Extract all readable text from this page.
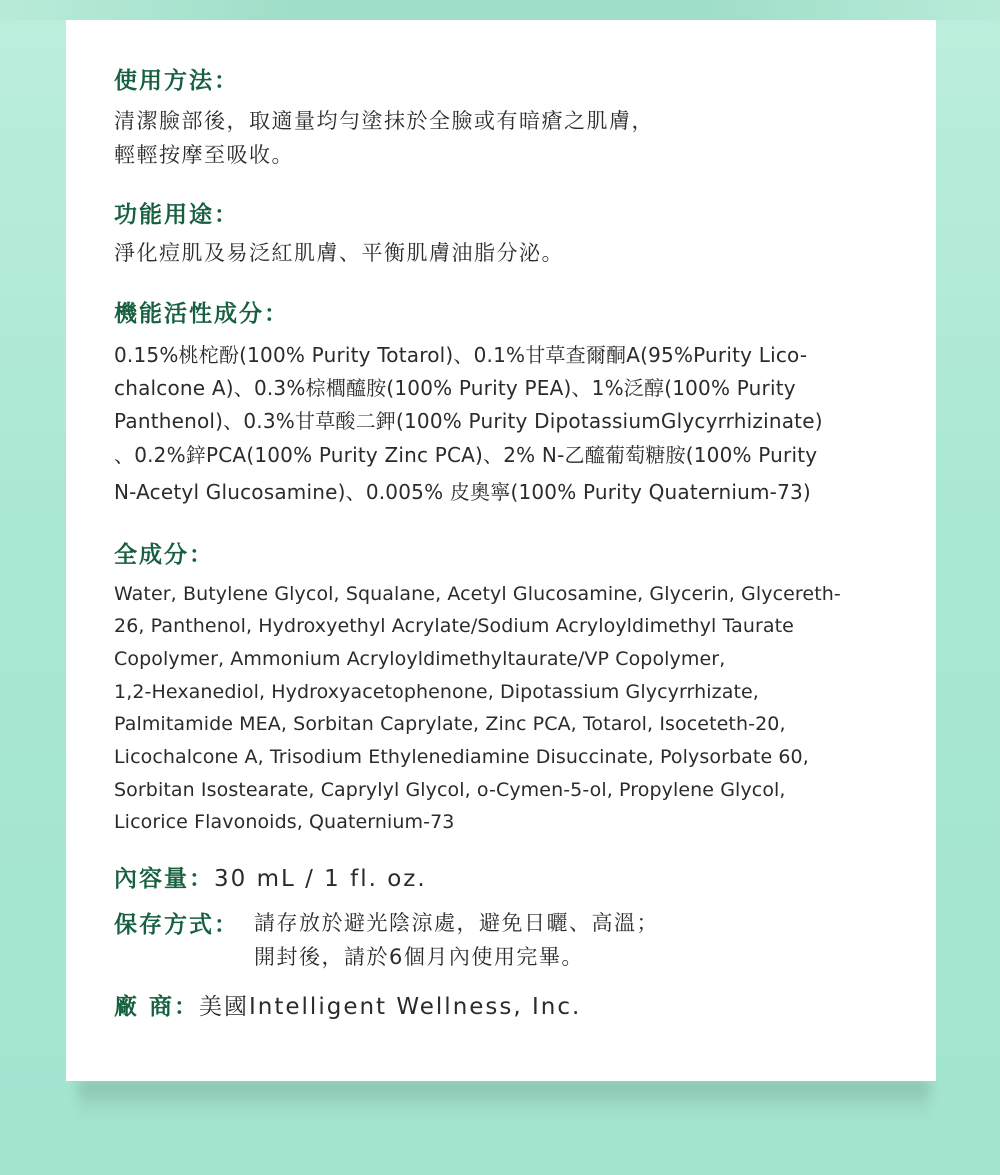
使用方法：
清潔臉部後，取適量均勻塗抹於全臉或有暗瘡之肌膚，
輕輕按摩至吸收。
功能用途：
淨化痘肌及易泛紅肌膚、平衡肌膚油脂分泌。
機能活性成分：
0.15%桃柁酚(100% Purity Totarol)、0.1%甘草查爾酮A(95%Purity Lico-
chalcone A)、0.3%棕櫚醯胺(100% Purity PEA)、1%泛醇(100% Purity
Panthenol)、0.3%甘草酸二鉀(100% Purity DipotassiumGlycyrrhizinate)
、0.2%鋅PCA(100% Purity Zinc PCA)、2% N-乙醯葡萄糖胺(100% Purity
N-Acetyl Glucosamine)、0.005% 皮奧寧(100% Purity Quaternium-73)
全成分：
Water, Butylene Glycol, Squalane, Acetyl Glucosamine, Glycerin, Glycereth-
26, Panthenol, Hydroxyethyl Acrylate/Sodium Acryloyldimethyl Taurate
Copolymer, Ammonium Acryloyldimethyltaurate/VP Copolymer,
1,2-Hexanediol, Hydroxyacetophenone, Dipotassium Glycyrrhizate,
Palmitamide MEA, Sorbitan Caprylate, Zinc PCA, Totarol, Isoceteth-20,
Licochalcone A, Trisodium Ethylenediamine Disuccinate, Polysorbate 60,
Sorbitan Isostearate, Caprylyl Glycol, o-Cymen-5-ol, Propylene Glycol,
Licorice Flavonoids, Quaternium-73
內容量：30 mL / 1 fl. oz.
保存方式： 請存放於避光陰涼處，避免日曬、高溫；
開封後，請於6個月內使用完畢。
廠 商：美國Intelligent Wellness, Inc.
